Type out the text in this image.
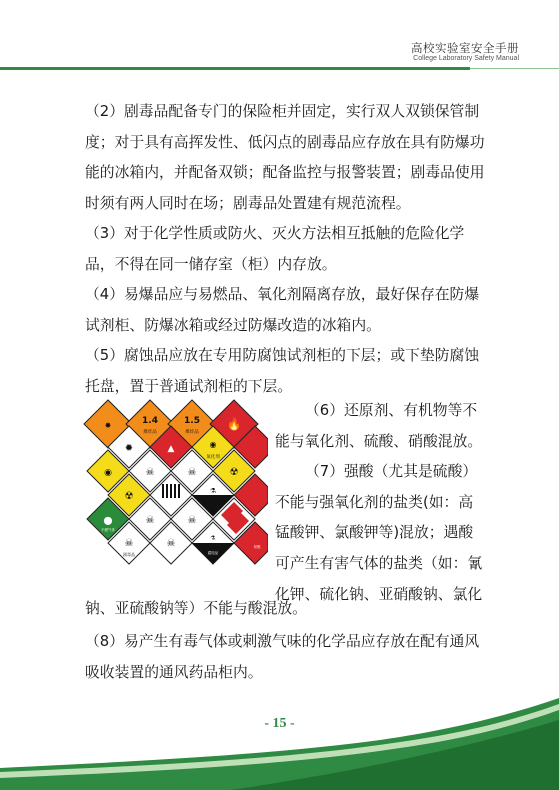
高校实验室安全手册
College Laboratory Safety Manual

（2）剧毒品配备专门的保险柜并固定，实行双人双锁保管制度；对于具有高挥发性、低闪点的剧毒品应存放在具有防爆功能的冰箱内，并配备双锁；配备监控与报警装置；剧毒品使用时须有两人同时在场；剧毒品处置建有规范流程。

（3）对于化学性质或防火、灭火方法相互抵触的危险化学品，不得在同一储存室（柜）内存放。

（4）易爆品应与易燃品、氧化剂隔离存放，最好保存在防爆试剂柜、防爆冰箱或经过防爆改造的冰箱内。

（5）腐蚀品应放在专用防腐蚀试剂柜的下层；或下垫防腐蚀托盘，置于普通试剂柜的下层。

✸	1.4
爆炸品
1.5
爆炸品
🔥
✹	▲	◉
氧化剂
◉	☠	☠	☢
☢	⚗
⬤
不燃气体
☠	☠
☠
剧毒品
☠	⚗
腐蚀品
易燃
（6）还原剂、有机物等不
能与氧化剂、硫酸、硝酸混放。
（7）强酸（尤其是硫酸）
不能与强氧化剂的盐类(如：高
锰酸钾、氯酸钾等)混放；遇酸
可产生有害气体的盐类（如：氰
化钾、硫化钠、亚硝酸钠、氯化
钠、亚硫酸钠等）不能与酸混放。

（8）易产生有毒气体或刺激气味的化学品应存放在配有通风吸收装置的通风药品柜内。

- 15 -
